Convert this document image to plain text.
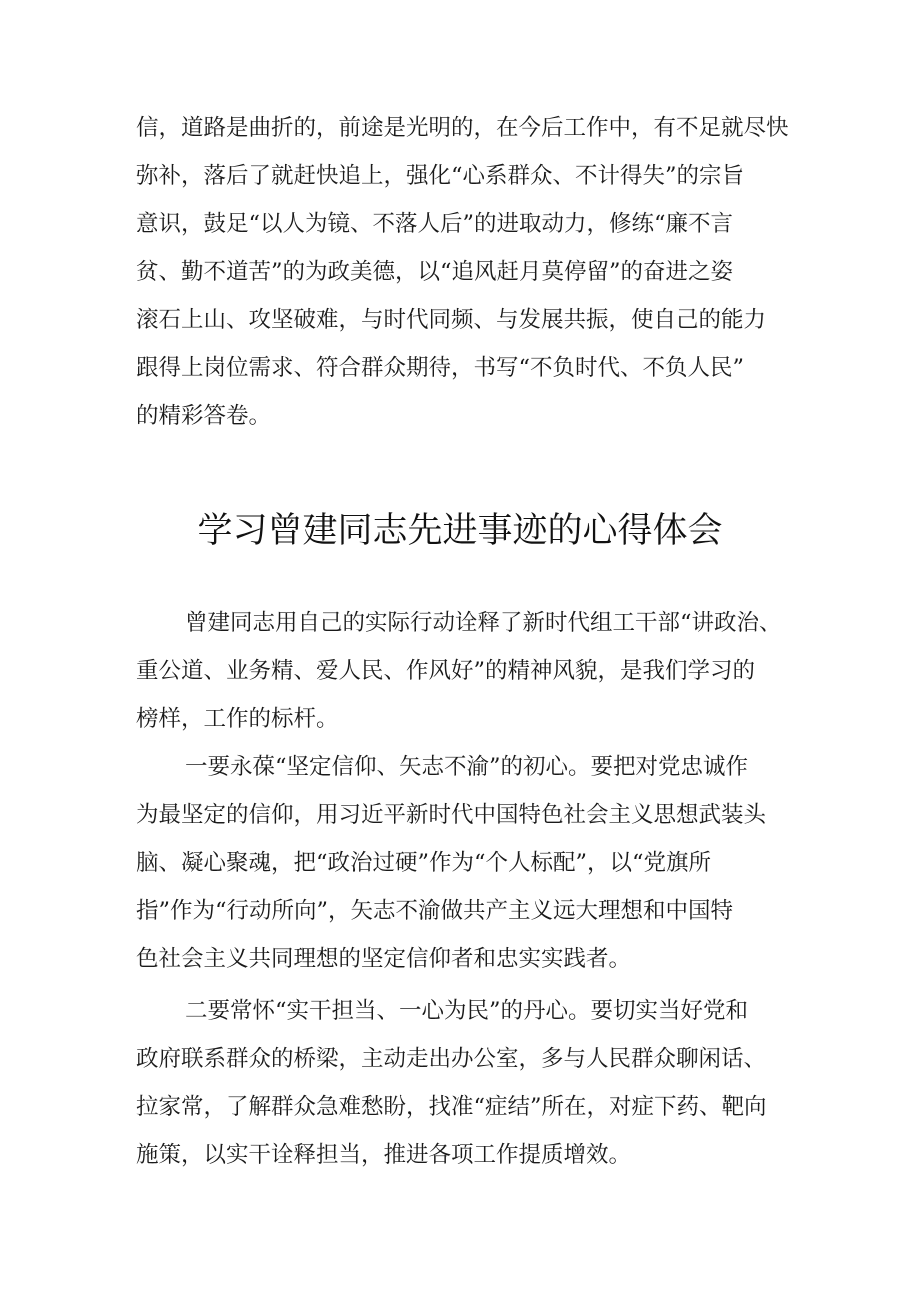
信，道路是曲折的，前途是光明的，在今后工作中，有不足就尽快

弥补，落后了就赶快追上，强化“心系群众、不计得失”的宗旨

意识，鼓足“以人为镜、不落人后”的进取动力，修练“廉不言

贫、勤不道苦”的为政美德，以“追风赶月莫停留”的奋进之姿

滚石上山、攻坚破难，与时代同频、与发展共振，使自己的能力

跟得上岗位需求、符合群众期待，书写“不负时代、不负人民”

的精彩答卷。

学习曾建同志先进事迹的心得体会

曾建同志用自己的实际行动诠释了新时代组工干部“讲政治、

重公道、业务精、爱人民、作风好”的精神风貌，是我们学习的

榜样，工作的标杆。

一要永葆“坚定信仰、矢志不渝”的初心。要把对党忠诚作

为最坚定的信仰，用习近平新时代中国特色社会主义思想武装头

脑、凝心聚魂，把“政治过硬”作为“个人标配”，以“党旗所

指”作为“行动所向”，矢志不渝做共产主义远大理想和中国特

色社会主义共同理想的坚定信仰者和忠实实践者。

二要常怀“实干担当、一心为民”的丹心。要切实当好党和

政府联系群众的桥梁，主动走出办公室，多与人民群众聊闲话、

拉家常，了解群众急难愁盼，找准“症结”所在，对症下药、靶向

施策，以实干诠释担当，推进各项工作提质增效。
